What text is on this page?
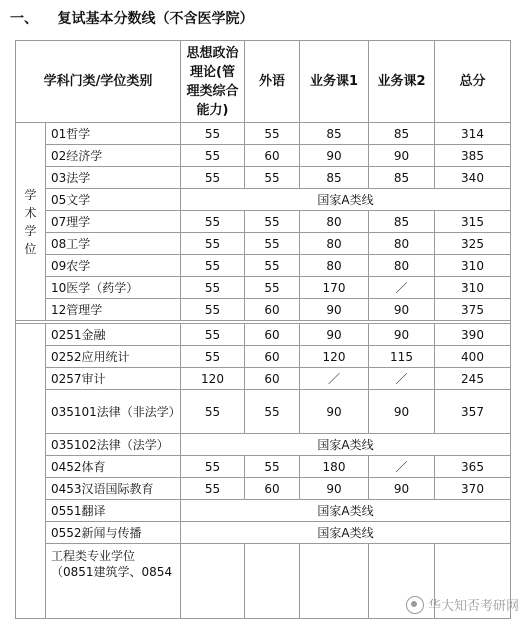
一、    复试基本分数线（不含医学院）
学科门类/学位类别		思想政治理论(管理类综合能力)	外语	业务课1	业务课2	总分

学
术
学
位	01哲学	55	55	85	85	314
	02经济学	55	60	90	90	385
	03法学	55	55	85	85	340
	05文学	国家A类线				
	07理学	55	55	80	85	315
	08工学	55	55	80	80	325
	09农学	55	55	80	80	310
	10医学（药学）	55	55	170	／	310
	12管理学	55	60	90	90	375

	0251金融	55	60	90	90	390
	0252应用统计	55	60	120	115	400
	0257审计	120	60	／	／	245
	035101法律（非法学）	55	55	90	90	357
	035102法律（法学）	国家A类线				
	0452体育	55	55	180	／	365
	0453汉语国际教育	55	60	90	90	370
	0551翻译	国家A类线				
	0552新闻与传播	国家A类线				
	工程类专业学位（0851建筑学、0854					
华大知否考研网
